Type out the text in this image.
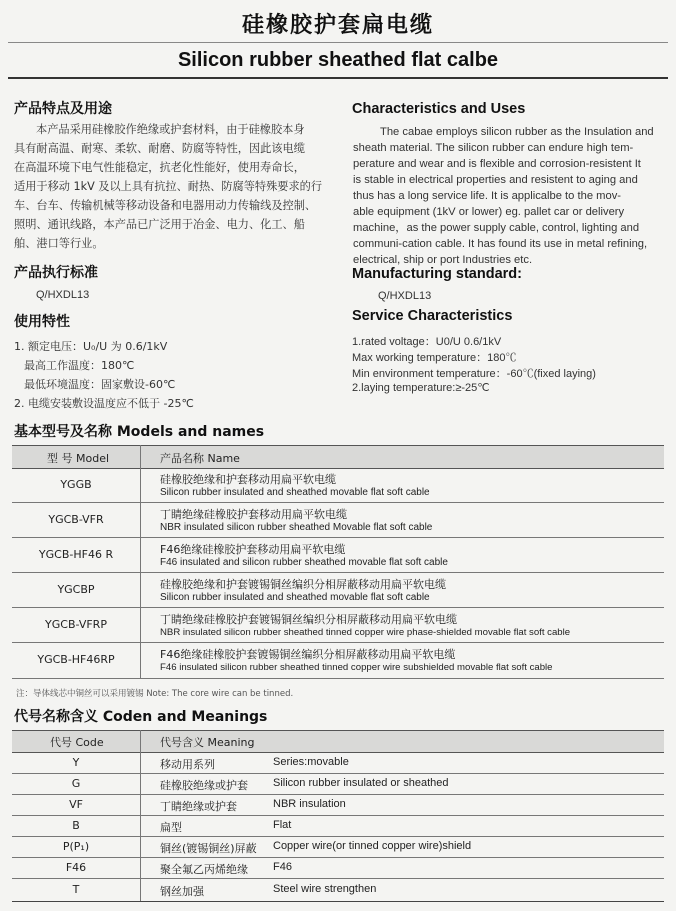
硅橡胶护套扁电缆
Silicon rubber sheathed flat calbe
产品特点及用途
本产品采用硅橡胶作绝缘或护套材料，由于硅橡胶本身
具有耐高温、耐寒、柔软、耐磨、防腐等特性，因此该电缆
在高温环境下电气性能稳定，抗老化性能好，使用寿命长，
适用于移动 1kV 及以上具有抗拉、耐热、防腐等特殊要求的行
车、台车、传输机械等移动设备和电器用动力传输线及控制、
照明、通讯线路，本产品已广泛用于冶金、电力、化工、船
舶、港口等行业。
Characteristics and Uses
The cabae employs silicon rubber as the Insulation and
sheath material. The silicon rubber can endure high tem-
perature and wear and is flexible and corrosion-resistent It
is stable in electrical properties and resistent to aging and
thus has a long service life. It is applicalbe to the mov-
able equipment (1kV or lower) eg. pallet car or delivery
machine，as the power supply cable, control, lighting and
communi-cation cable. It has found its use in metal refining,
electrical, ship or port Industries etc.
产品执行标准
Q/HXDL13
Manufacturing standard:
Q/HXDL13
使用特性
1. 额定电压：U₀/U 为 0.6/1kV
最高工作温度：180℃
最低环境温度：固家敷设-60℃
2. 电缆安装敷设温度应不低于 -25℃
Service Characteristics
1.rated voltage：U0/U 0.6/1kV
Max working temperature：180℃
Min environment temperature：-60℃(fixed laying)
2.laying temperature:≥-25℃
基本型号及名称 Models and names
型 号 Model	产品名称 Name
YGGB	硅橡胶绝缘和护套移动用扁平软电缆
Silicon rubber insulated and sheathed movable flat soft cable
YGCB-VFR	丁睛绝缘硅橡胶护套移动用扁平软电缆
NBR insulated silicon rubber sheathed Movable flat soft cable
YGCB-HF46 R	F46绝缘硅橡胶护套移动用扁平软电缆
F46 insulated and silicon rubber sheathed movable flat soft cable
YGCBP	硅橡胶绝缘和护套镀锡铜丝编织分相屏蔽移动用扁平软电缆
Silicon rubber insulated and sheathed movable flat soft cable
YGCB-VFRP	丁睛绝缘硅橡胶护套镀锡铜丝编织分相屏蔽移动用扁平软电缆
NBR insulated silicon rubber sheathed tinned copper wire phase-shielded movable flat soft cable
YGCB-HF46RP	F46绝缘硅橡胶护套镀锡铜丝编织分相屏蔽移动用扁平软电缆
F46 insulated silicon rubber sheathed tinned copper wire subshielded movable flat soft cable
注：导体线芯中铜丝可以采用镀锡 Note: The core wire can be tinned.
代号名称含义 Coden and Meanings
代号 Code	代号含义 Meaning
Y	移动用系列	Series:movable
G	硅橡胶绝缘或护套 Silicon rubber insulated or sheathed
VF	丁睛绝缘或护套	NBR insulation
B	扁型	Flat
P(P₁)	铜丝(镀锡铜丝)屏蔽 Copper wire(or tinned copper wire)shield
F46	聚全氟乙丙烯绝缘 F46
T	钢丝加强	Steel wire strengthen
